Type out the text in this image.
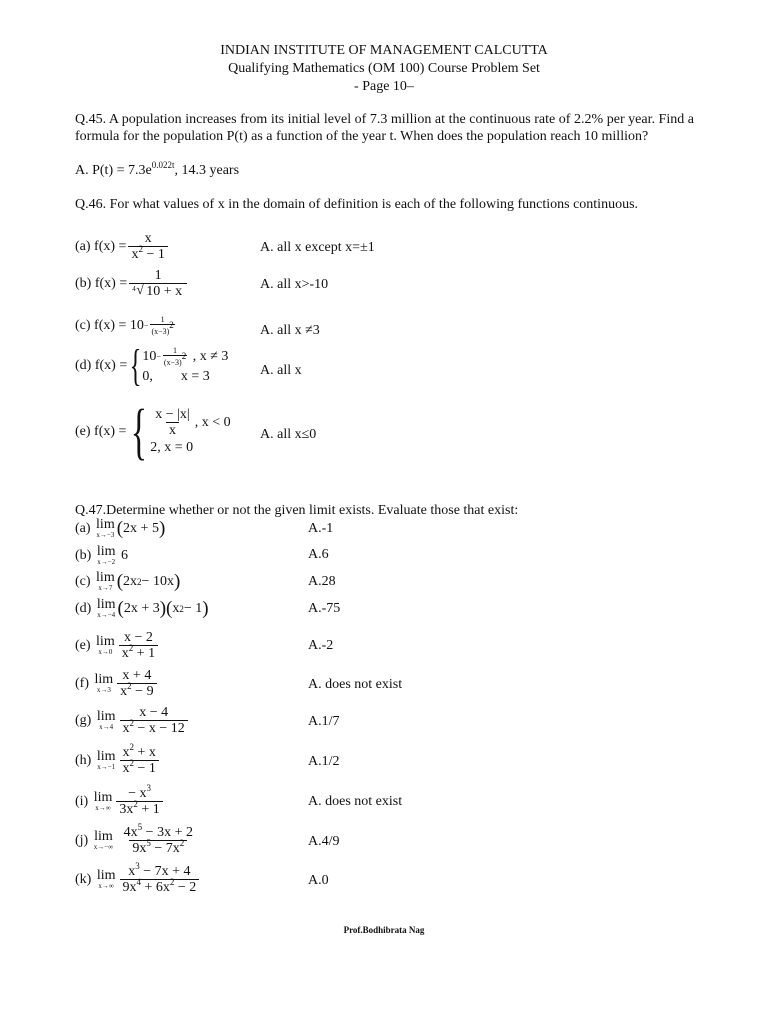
INDIAN INSTITUTE OF MANAGEMENT CALCUTTA
Qualifying Mathematics (OM 100) Course Problem Set
- Page 10–
Q.45. A population increases from its initial level of 7.3 million at the continuous rate of 2.2% per year. Find a formula for the population P(t) as a function of the year t. When does the population reach 10 million?
A. $P(t) = 7.3e^{0.022t}$, 14.3 years
Q.46. For what values of x in the domain of definition is each of the following functions continuous.
(a) $f(x) = \frac{x}{x^2 - 1}$	A. all x except x=±1
(b) $f(x) = \frac{1}{4 √ 10 + x}$	A. all x>-10
(c) $f(x) = 10 - \frac{1}{(x-3)^2}$	A. all x ≠3
(d) f(x) = { $10 - \frac{1}{(x-3)^2}$ , x ≠ 3
0,        x = 3	A. all x
(e) f(x) = { $\frac{x - |x|}{x}$ , x < 0
2, x = 0
A. all x≤0
Q.47.Determine whether or not the given limit exists. Evaluate those that exist:
(a)
lim
x→−3 ( 2x + 5 )	A.-1
(b)
lim
x→−2 6	A.6
(c)
lim
x→7 ( 2x 2 − 10x )	A.28
(d)
lim
x→−4 ( 2x + 3 )( x 2 − 1 )	A.-75
(e)
lim
$x\to 0 \frac{x - 2}{x^2 + 1}$	A.-2
(f)
lim
$x\to 3 \frac{x + 4}{x^2 - 9}$	A. does not exist
(g)
lim
$x\to 4 \frac{x - 4}{x^2 - x - 12}$	A.1/7
(h)
lim
$x\to-1 \frac{x^2 + x}{x^2 - 1}$	A.1/2
(i)
lim
$x\to\infty \frac{- x^3}{3x^2 + 1}$	A. does not exist
(j)
lim
x→−∞
$\frac{4x^5 - 3x + 2}{9x^5 - 7x^2}$	A.4/9
(k)
lim
$x\to\infty \frac{x^3 - 7x + 4}{9x^4 + 6x^2 - 2}$	A.0
Prof.Bodhibrata Nag
